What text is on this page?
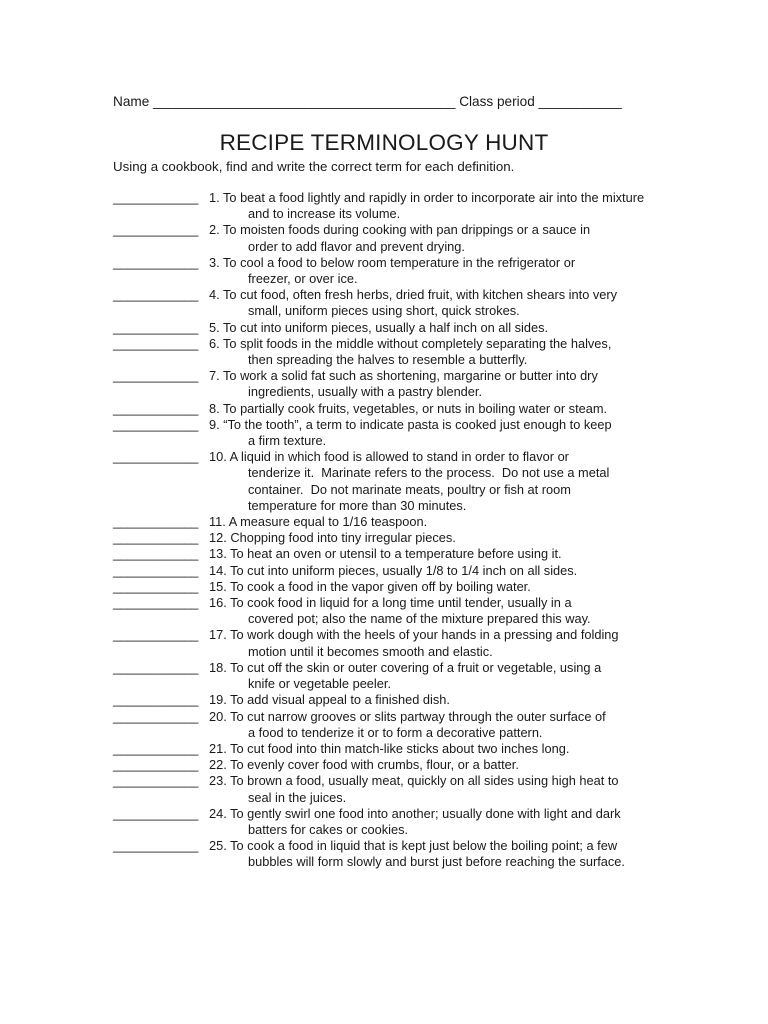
Name ________________________________________ Class period ___________
RECIPE TERMINOLOGY HUNT
Using a cookbook, find and write the correct term for each definition.
____________ 1. To beat a food lightly and rapidly in order to incorporate air into the mixture
and to increase its volume.
____________ 2. To moisten foods during cooking with pan drippings or a sauce in
order to add flavor and prevent drying.
____________ 3. To cool a food to below room temperature in the refrigerator or
freezer, or over ice.
____________ 4. To cut food, often fresh herbs, dried fruit, with kitchen shears into very
small, uniform pieces using short, quick strokes.
____________ 5. To cut into uniform pieces, usually a half inch on all sides.
____________ 6. To split foods in the middle without completely separating the halves,
then spreading the halves to resemble a butterfly.
____________ 7. To work a solid fat such as shortening, margarine or butter into dry
ingredients, usually with a pastry blender.
____________ 8. To partially cook fruits, vegetables, or nuts in boiling water or steam.
____________ 9. “To the tooth”, a term to indicate pasta is cooked just enough to keep
a firm texture.
____________ 10. A liquid in which food is allowed to stand in order to flavor or
tenderize it.  Marinate refers to the process.  Do not use a metal
container.  Do not marinate meats, poultry or fish at room
temperature for more than 30 minutes.
____________ 11. A measure equal to 1/16 teaspoon.
____________ 12. Chopping food into tiny irregular pieces.
____________ 13. To heat an oven or utensil to a temperature before using it.
____________ 14. To cut into uniform pieces, usually 1/8 to 1/4 inch on all sides.
____________ 15. To cook a food in the vapor given off by boiling water.
____________ 16. To cook food in liquid for a long time until tender, usually in a
covered pot; also the name of the mixture prepared this way.
____________ 17. To work dough with the heels of your hands in a pressing and folding
motion until it becomes smooth and elastic.
____________ 18. To cut off the skin or outer covering of a fruit or vegetable, using a
knife or vegetable peeler.
____________ 19. To add visual appeal to a finished dish.
____________ 20. To cut narrow grooves or slits partway through the outer surface of
a food to tenderize it or to form a decorative pattern.
____________ 21. To cut food into thin match-like sticks about two inches long.
____________ 22. To evenly cover food with crumbs, flour, or a batter.
____________ 23. To brown a food, usually meat, quickly on all sides using high heat to
seal in the juices.
____________ 24. To gently swirl one food into another; usually done with light and dark
batters for cakes or cookies.
____________ 25. To cook a food in liquid that is kept just below the boiling point; a few
bubbles will form slowly and burst just before reaching the surface.
